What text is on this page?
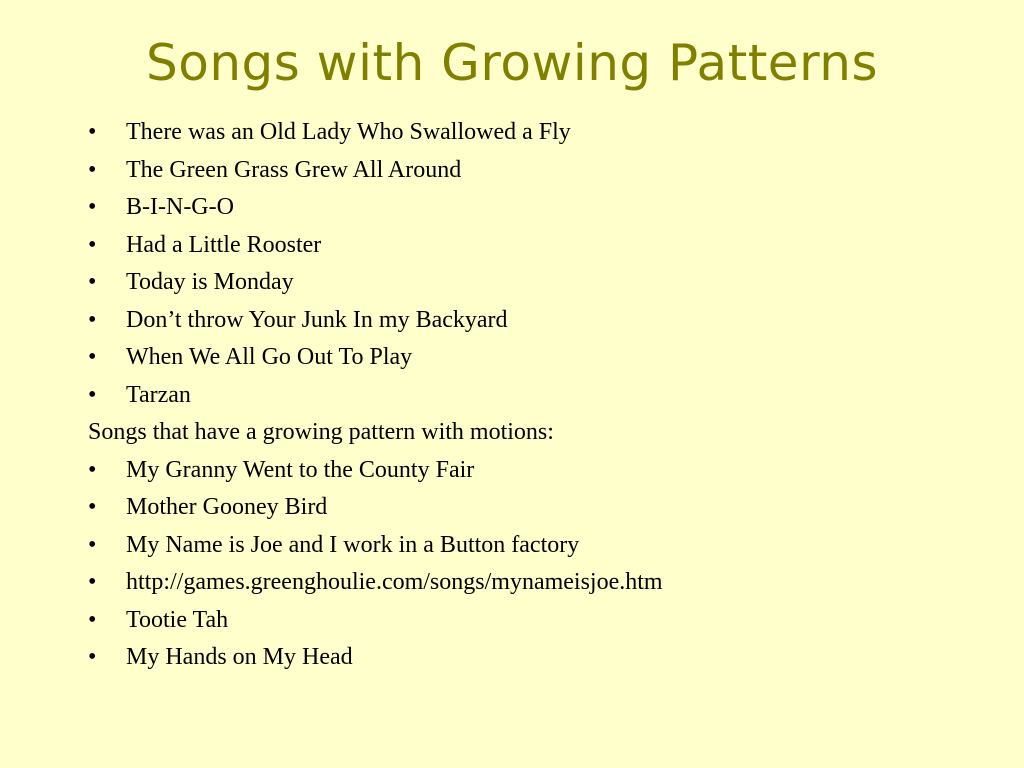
Songs with Growing Patterns
•	There was an Old Lady Who Swallowed a Fly
•	The Green Grass Grew All Around
•	B-I-N-G-O
•	Had a Little Rooster
•	Today is Monday
•	Don’t throw Your Junk In my Backyard
•	When We All Go Out To Play
•	Tarzan
Songs that have a growing pattern with motions:
•	My Granny Went to the County Fair
•	Mother Gooney Bird
•	My Name is Joe and I work in a Button factory
•	http://games.greenghoulie.com/songs/mynameisjoe.htm
•	Tootie Tah
•	My Hands on My Head
